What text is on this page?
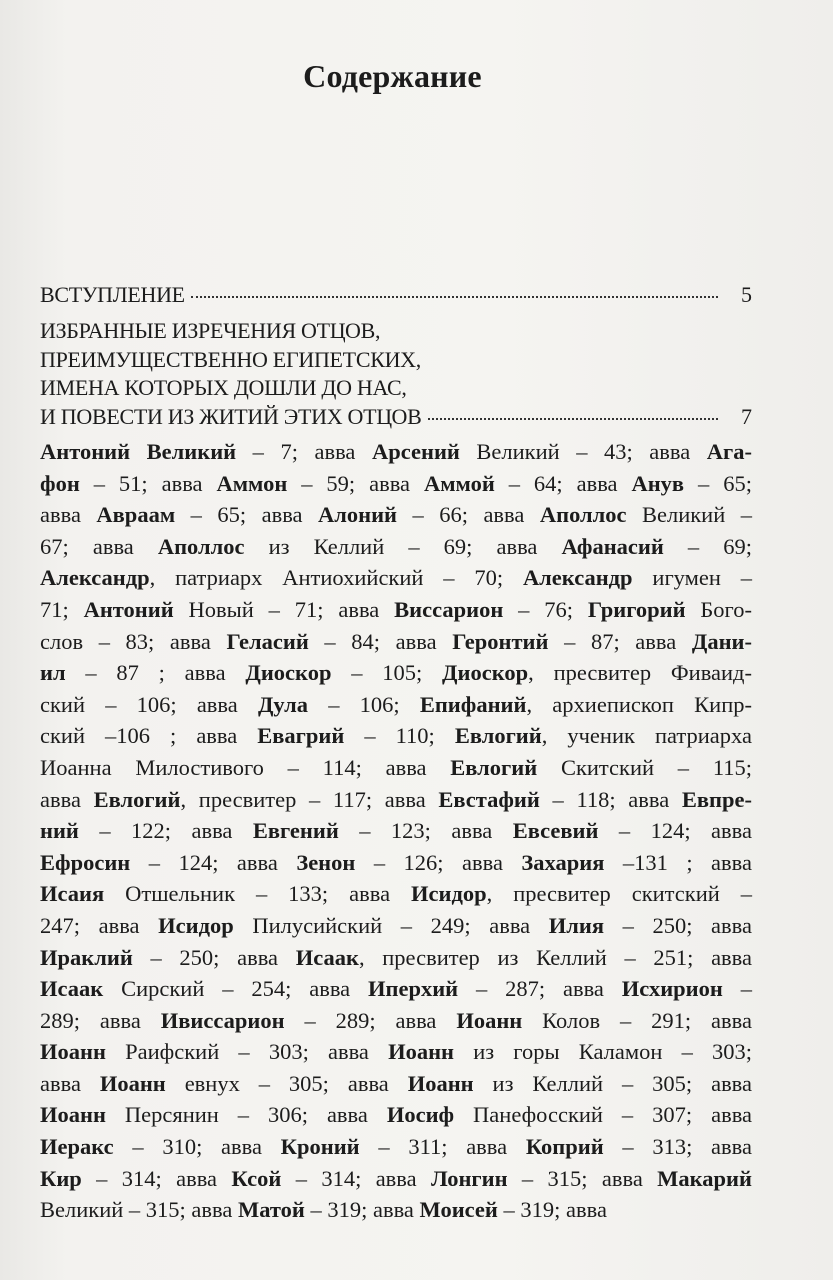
Содержание
ВСТУПЛЕНИЕ	5
ИЗБРАННЫЕ ИЗРЕЧЕНИЯ ОТЦОВ,
ПРЕИМУЩЕСТВЕННО ЕГИПЕТСКИХ,
ИМЕНА КОТОРЫХ ДОШЛИ ДО НАС,
И ПОВЕСТИ ИЗ ЖИТИЙ ЭТИХ ОТЦОВ	7
Антоний Великий – 7; авва Арсений Великий – 43; авва Ага-
фон – 51; авва Аммон – 59; авва Аммой – 64; авва Анув – 65;
авва Авраам – 65; авва Алоний – 66; авва Аполлос Великий –
67; авва Аполлос из Келлий – 69; авва Афанасий – 69;
Александр, патриарх Антиохийский – 70; Александр игумен –
71; Антоний Новый – 71; авва Виссарион – 76; Григорий Бого-
слов – 83; авва Геласий – 84; авва Геронтий – 87; авва Дани-
ил – 87 ; авва Диоскор – 105; Диоскор, пресвитер Фиваид-
ский – 106; авва Дула – 106; Епифаний, архиепископ Кипр-
ский –106 ; авва Евагрий – 110; Евлогий, ученик патриарха
Иоанна Милостивого – 114; авва Евлогий Скитский – 115;
авва Евлогий, пресвитер – 117; авва Евстафий – 118; авва Евпре-
ний – 122; авва Евгений – 123; авва Евсевий – 124; авва
Ефросин – 124; авва Зенон – 126; авва Захария –131 ; авва
Исаия Отшельник – 133; авва Исидор, пресвитер скитский –
247; авва Исидор Пилусийский – 249; авва Илия – 250; авва
Ираклий – 250; авва Исаак, пресвитер из Келлий – 251; авва
Исаак Сирский – 254; авва Иперхий – 287; авва Исхирион –
289; авва Ивиссарион – 289; авва Иоанн Колов – 291; авва
Иоанн Раифский – 303; авва Иоанн из горы Каламон – 303;
авва Иоанн евнух – 305; авва Иоанн из Келлий – 305; авва
Иоанн Персянин – 306; авва Иосиф Панефосский – 307; авва
Иеракс – 310; авва Кроний – 311; авва Коприй – 313; авва
Кир – 314; авва Ксой – 314; авва Лонгин – 315; авва Макарий
Великий – 315; авва Матой – 319; авва Моисей – 319; авва
